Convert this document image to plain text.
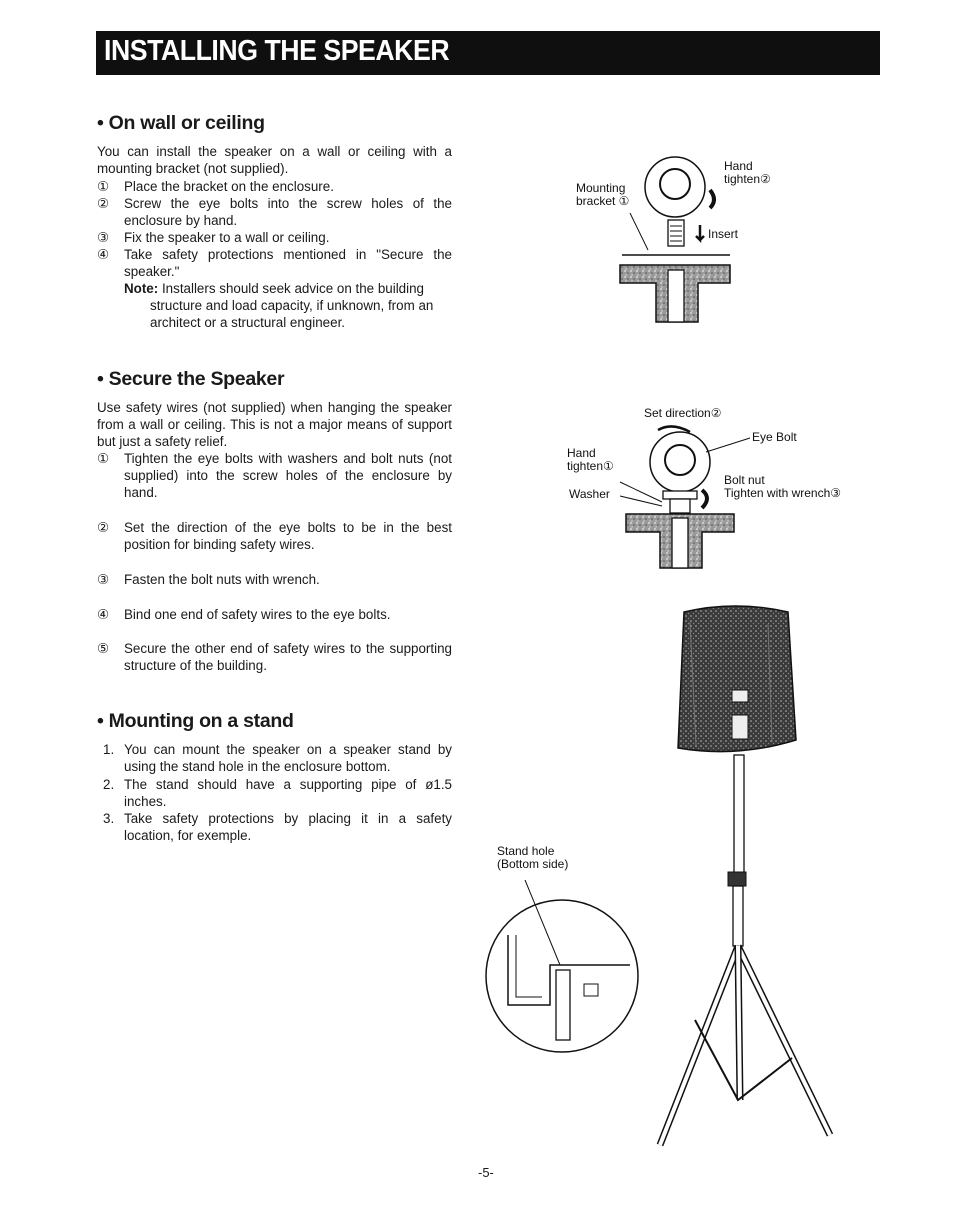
INSTALLING THE SPEAKER
• On wall or ceiling
You can install the speaker on a wall or ceiling with a mounting bracket (not supplied).
①	Place the bracket on the enclosure.
②	Screw the eye bolts into the screw holes of the enclosure by hand.
③	Fix the speaker to a wall or ceiling.
④	Take safety protections mentioned in "Secure the speaker."
Note: Installers should seek advice on the building
structure and load capacity, if unknown, from an architect or a structural engineer.
• Secure the Speaker
Use safety wires (not supplied) when hanging the speaker from a wall or ceiling. This is not a major means of support but just a safety relief.
①	Tighten the eye bolts with washers and bolt nuts (not supplied) into the screw holes of the enclosure by hand.
②	Set the direction of the eye bolts to be in the best position for binding safety wires.
③	Fasten the bolt nuts with wrench.
④	Bind one end of safety wires to the eye bolts.
⑤	Secure the other end of safety wires to the supporting structure of the building.
• Mounting on a stand
1. You can mount the speaker on a speaker stand by using the stand hole in the enclosure bottom.
2. The stand should have a supporting pipe of ø1.5 inches.
3. Take safety protections by placing it in a safety location, for exemple.
Mounting
bracket ①
Hand
tighten②
Insert
Set direction②
Eye Bolt
Hand
tighten①
Washer
Bolt nut
Tighten with wrench③
Stand hole
(Bottom side)
-5-
